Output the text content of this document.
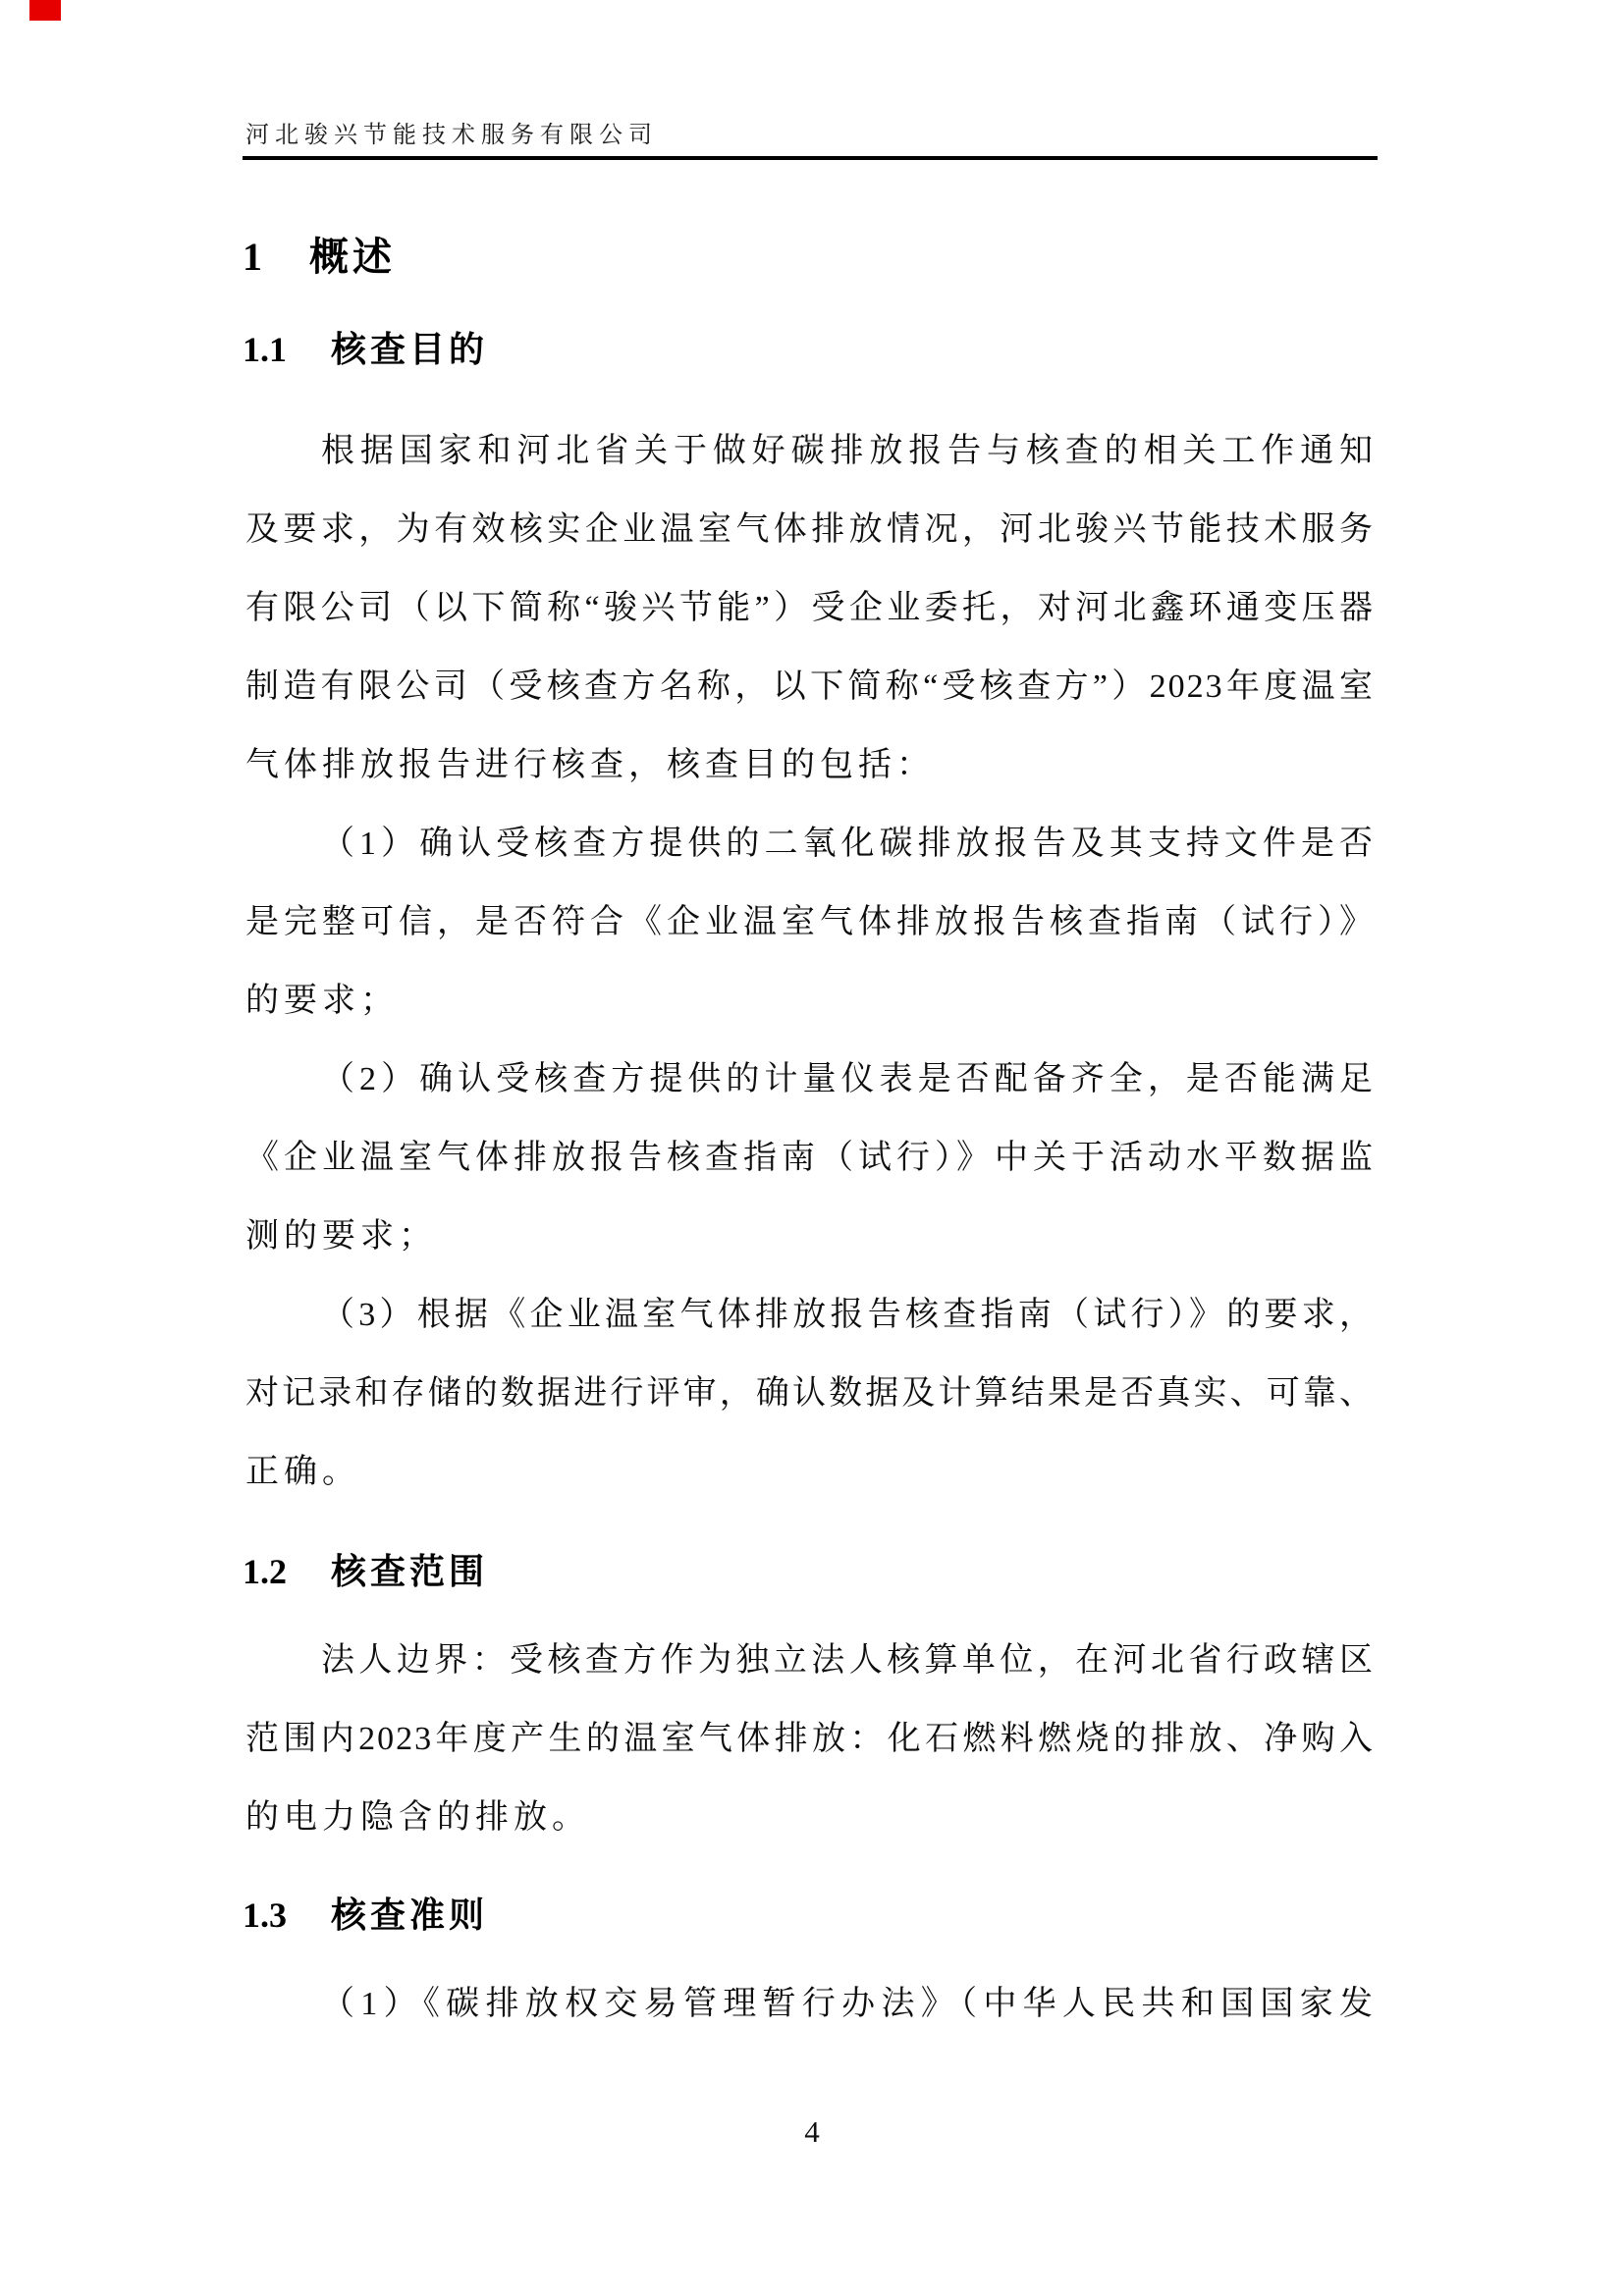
河北骏兴节能技术服务有限公司
1 概述
1.1 核查目的
根据国家和河北省关于做好碳排放报告与核查的相关工作通知
及要求，为有效核实企业温室气体排放情况，河北骏兴节能技术服务
有限公司（以下简称“骏兴节能”）受企业委托，对河北鑫环通变压器
制造有限公司（受核查方名称，以下简称“受核查方”）2023年度温室
气体排放报告进行核查，核查目的包括：
（1）确认受核查方提供的二氧化碳排放报告及其支持文件是否
是完整可信，是否符合《企业温室气体排放报告核查指南（试行）》
的要求；
（2）确认受核查方提供的计量仪表是否配备齐全，是否能满足
《企业温室气体排放报告核查指南（试行）》中关于活动水平数据监
测的要求；
（3）根据《企业温室气体排放报告核查指南（试行）》的要求，
对记录和存储的数据进行评审，确认数据及计算结果是否真实、可靠、
正确。
1.2 核查范围
法人边界：受核查方作为独立法人核算单位，在河北省行政辖区
范围内2023年度产生的温室气体排放：化石燃料燃烧的排放、净购入
的电力隐含的排放。
1.3 核查准则
（1）《碳排放权交易管理暂行办法》（中华人民共和国国家发
4
